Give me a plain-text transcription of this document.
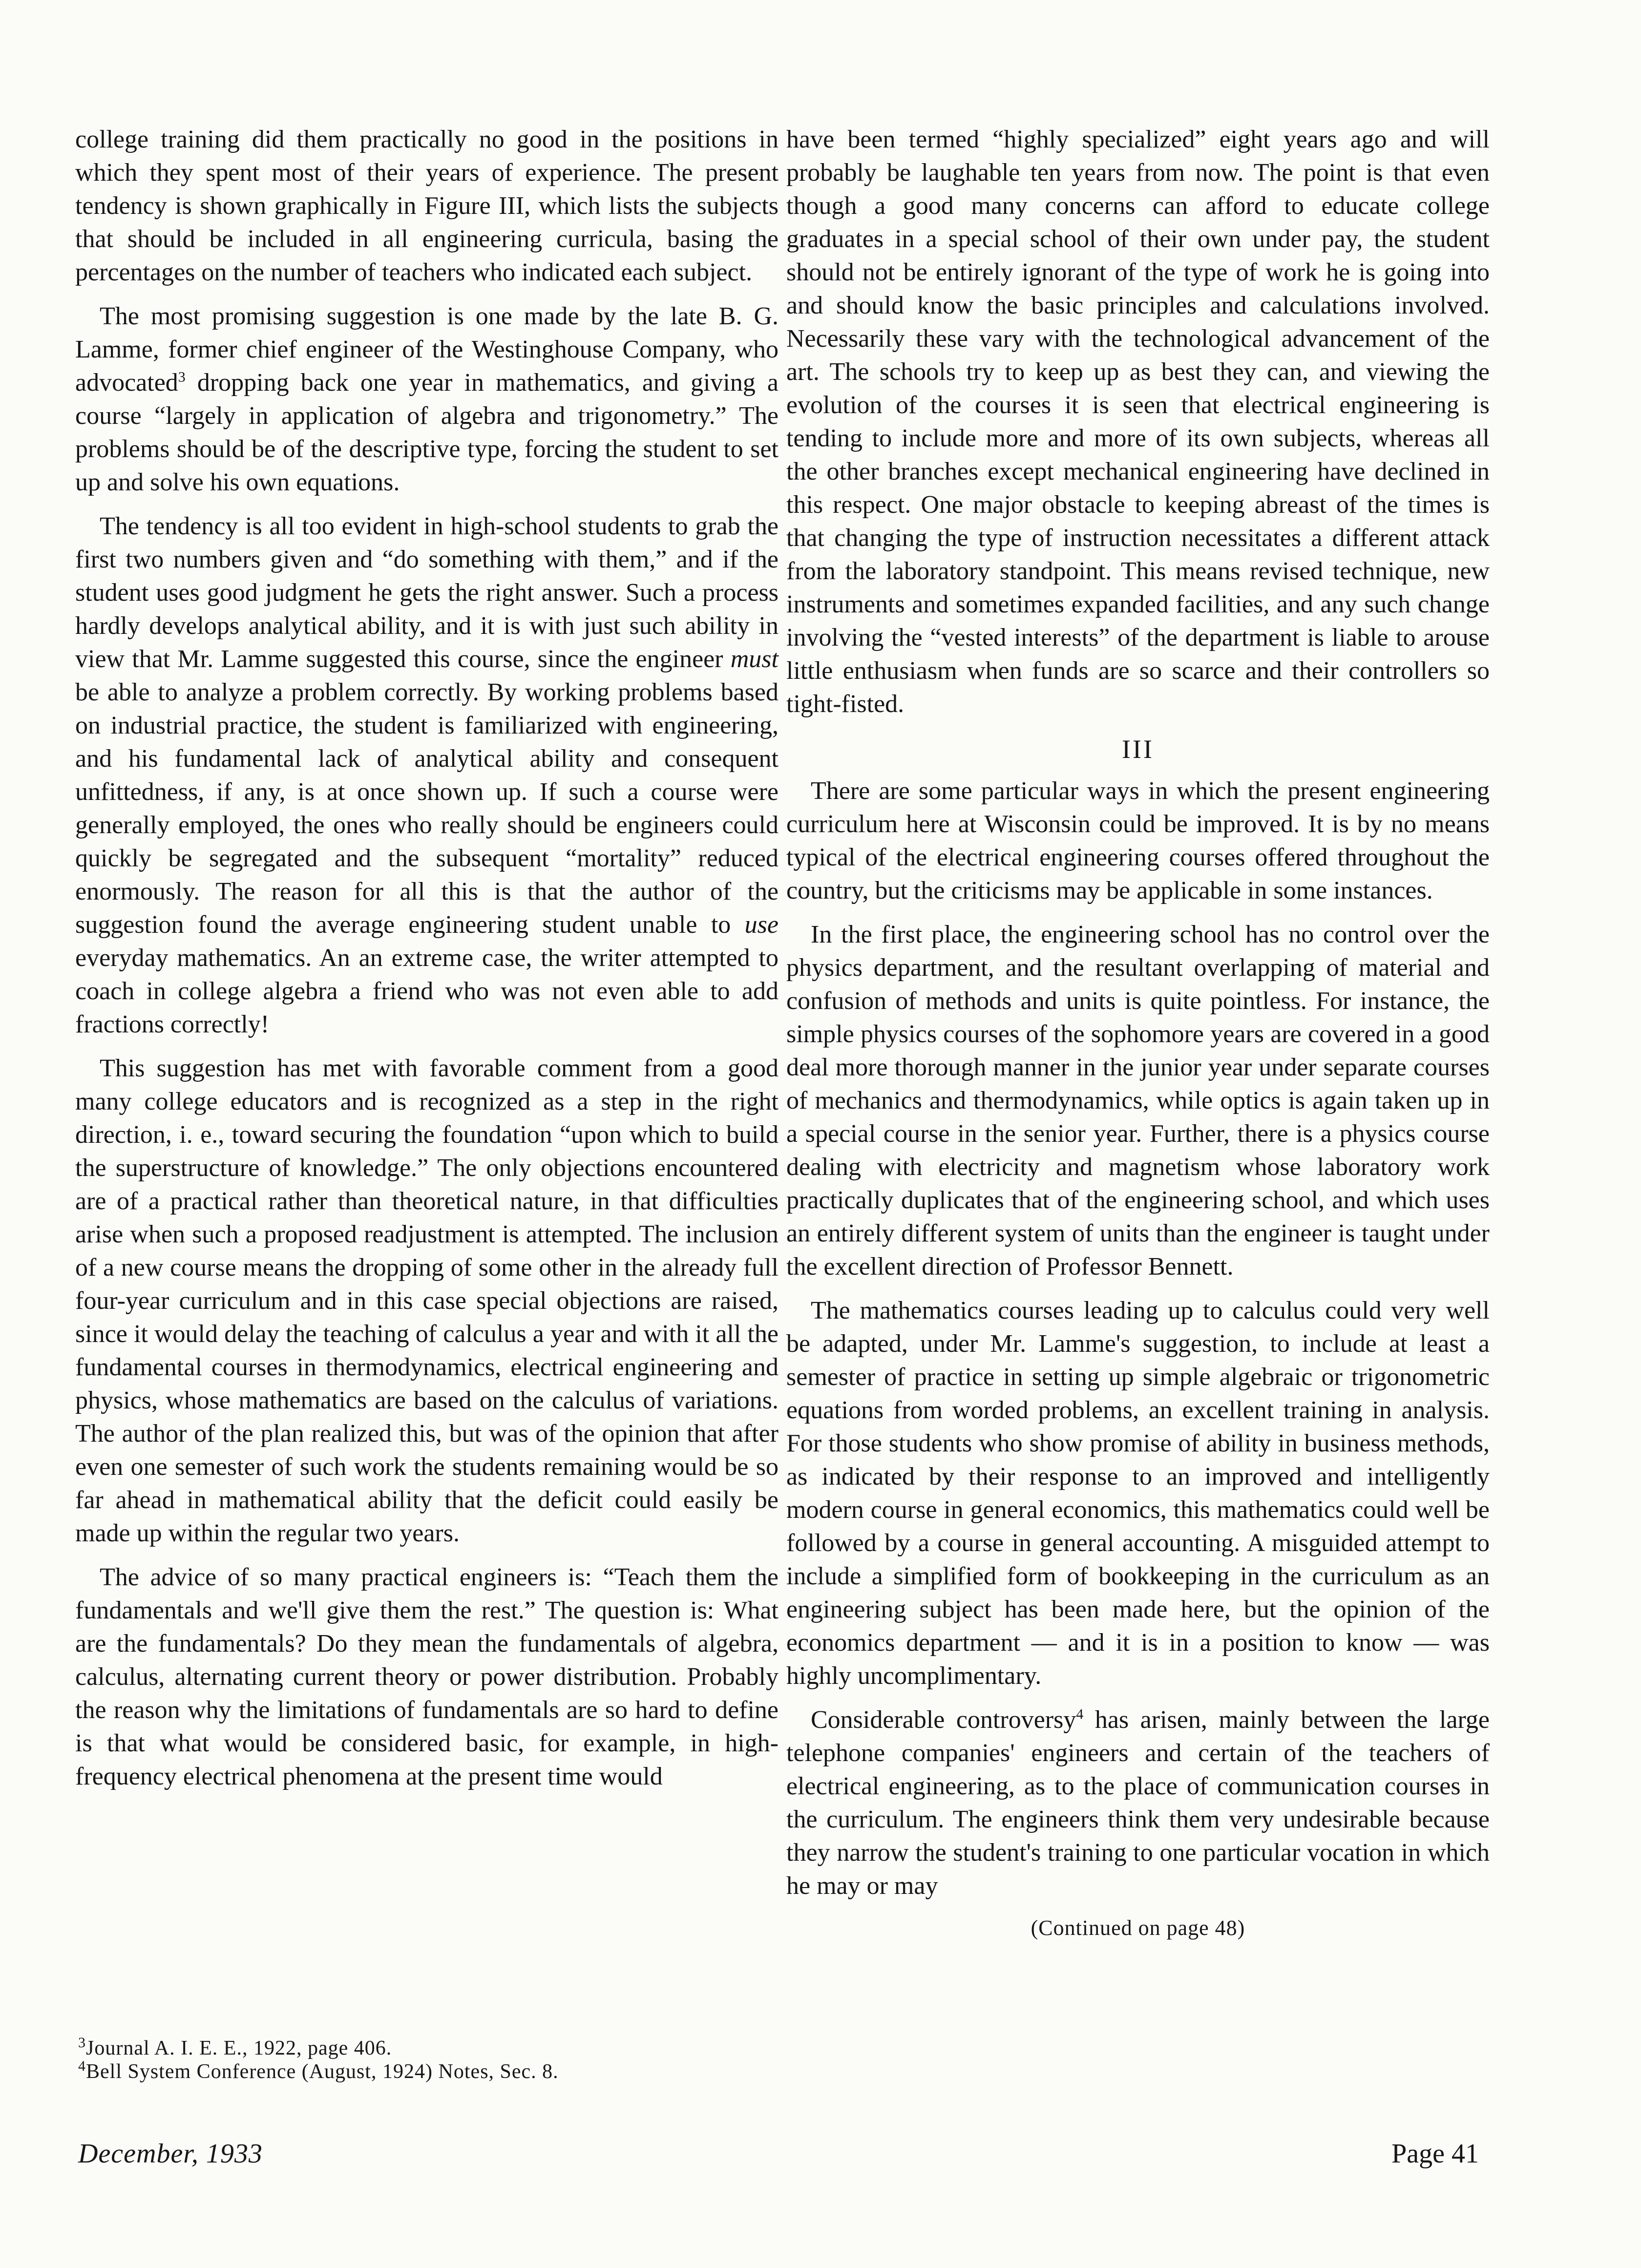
college training did them practically no good in the positions in which they spent most of their years of experience. The present tendency is shown graphically in Figure III, which lists the subjects that should be included in all engineering curricula, basing the percentages on the number of teachers who indicated each subject.

The most promising suggestion is one made by the late B. G. Lamme, former chief engineer of the Westinghouse Company, who advocated$^3$ dropping back one year in mathematics, and giving a course “largely in application of algebra and trigonometry.” The problems should be of the descriptive type, forcing the student to set up and solve his own equations.

The tendency is all too evident in high-school students to grab the first two numbers given and “do something with them,” and if the student uses good judgment he gets the right answer. Such a process hardly develops analytical ability, and it is with just such ability in view that Mr. Lamme suggested this course, since the engineer must be able to analyze a problem correctly. By working problems based on industrial practice, the student is familiarized with engineering, and his fundamental lack of analytical ability and consequent unfittedness, if any, is at once shown up. If such a course were generally employed, the ones who really should be engineers could quickly be segregated and the subsequent “mortality” reduced enormously. The reason for all this is that the author of the suggestion found the average engineering student unable to use everyday mathematics. An an extreme case, the writer attempted to coach in college algebra a friend who was not even able to add fractions correctly!

This suggestion has met with favorable comment from a good many college educators and is recognized as a step in the right direction, i. e., toward securing the foundation “upon which to build the superstructure of knowledge.” The only objections encountered are of a practical rather than theoretical nature, in that difficulties arise when such a proposed readjustment is attempted. The inclusion of a new course means the dropping of some other in the already full four-year curriculum and in this case special objections are raised, since it would delay the teaching of calculus a year and with it all the fundamental courses in thermodynamics, electrical engineering and physics, whose mathematics are based on the calculus of variations. The author of the plan realized this, but was of the opinion that after even one semester of such work the students remaining would be so far ahead in mathematical ability that the deficit could easily be made up within the regular two years.

The advice of so many practical engineers is: “Teach them the fundamentals and we'll give them the rest.” The question is: What are the fundamentals? Do they mean the fundamentals of algebra, calculus, alternating current theory or power distribution. Probably the reason why the limitations of fundamentals are so hard to define is that what would be considered basic, for example, in high-frequency electrical phenomena at the present time would

have been termed “highly specialized” eight years ago and will probably be laughable ten years from now. The point is that even though a good many concerns can afford to educate college graduates in a special school of their own under pay, the student should not be entirely ignorant of the type of work he is going into and should know the basic principles and calculations involved. Necessarily these vary with the technological advancement of the art. The schools try to keep up as best they can, and viewing the evolution of the courses it is seen that electrical engineering is tending to include more and more of its own subjects, whereas all the other branches except mechanical engineering have declined in this respect. One major obstacle to keeping abreast of the times is that changing the type of instruction necessitates a different attack from the laboratory standpoint. This means revised technique, new instruments and sometimes expanded facilities, and any such change involving the “vested interests” of the department is liable to arouse little enthusiasm when funds are so scarce and their controllers so tight-fisted.

III

There are some particular ways in which the present engineering curriculum here at Wisconsin could be improved. It is by no means typical of the electrical engineering courses offered throughout the country, but the criticisms may be applicable in some instances.

In the first place, the engineering school has no control over the physics department, and the resultant overlapping of material and confusion of methods and units is quite pointless. For instance, the simple physics courses of the sophomore years are covered in a good deal more thorough manner in the junior year under separate courses of mechanics and thermodynamics, while optics is again taken up in a special course in the senior year. Further, there is a physics course dealing with electricity and magnetism whose laboratory work practically duplicates that of the engineering school, and which uses an entirely different system of units than the engineer is taught under the excellent direction of Professor Bennett.

The mathematics courses leading up to calculus could very well be adapted, under Mr. Lamme's suggestion, to include at least a semester of practice in setting up simple algebraic or trigonometric equations from worded problems, an excellent training in analysis. For those students who show promise of ability in business methods, as indicated by their response to an improved and intelligently modern course in general economics, this mathematics could well be followed by a course in general accounting. A misguided attempt to include a simplified form of bookkeeping in the curriculum as an engineering subject has been made here, but the opinion of the economics department — and it is in a position to know — was highly uncomplimentary.

Considerable controversy$^4$ has arisen, mainly between the large telephone companies' engineers and certain of the teachers of electrical engineering, as to the place of communication courses in the curriculum. The engineers think them very undesirable because they narrow the student's training to one particular vocation in which he may or may

(Continued on page 48)
$^3$Journal A. I. E. E., 1922, page 406.
$^4$Bell System Conference (August, 1924) Notes, Sec. 8.
December, 1933	Page 41
